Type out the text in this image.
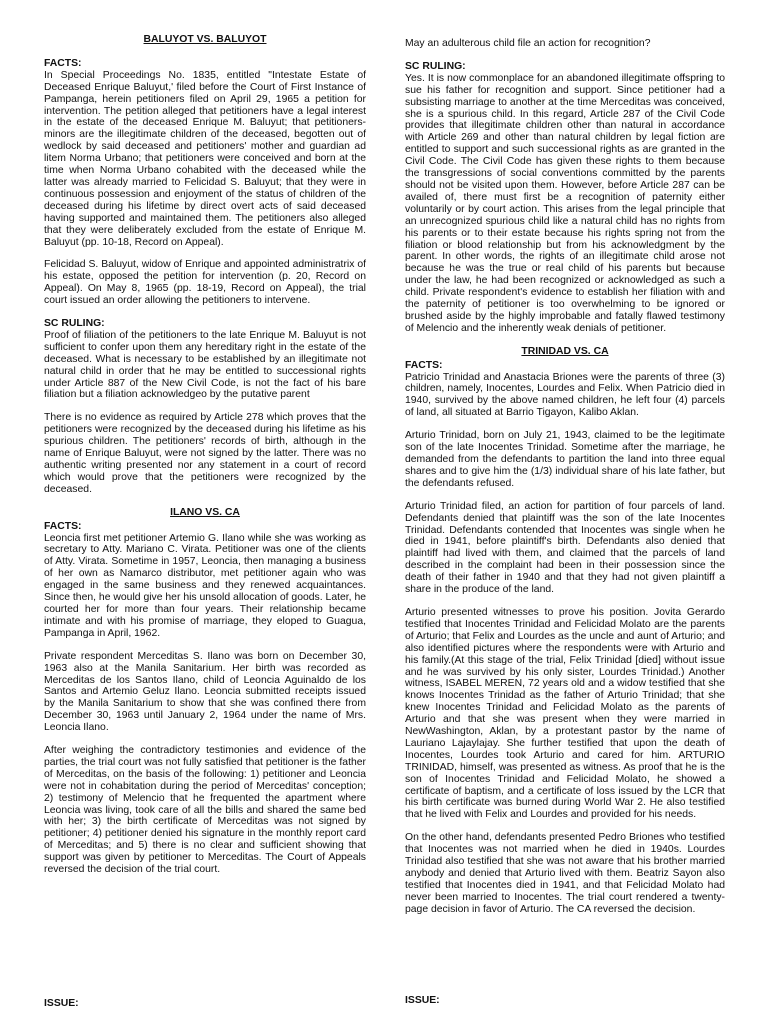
BALUYOT VS. BALUYOT
FACTS:

In Special Proceedings No. 1835, entitled "Intestate Estate of Deceased Enrique Baluyut,' filed before the Court of First Instance of Pampanga, herein petitioners filed on April 29, 1965 a petition for intervention. The petition alleged that petitioners have a legal interest in the estate of the deceased Enrique M. Baluyut; that petitioners-minors are the illegitimate children of the deceased, begotten out of wedlock by said deceased and petitioners' mother and guardian ad litem Norma Urbano; that petitioners were conceived and born at the time when Norma Urbano cohabited with the deceased while the latter was already married to Felicidad S. Baluyut; that they were in continuous possession and enjoyment of the status of children of the deceased during his lifetime by direct overt acts of said deceased having supported and maintained them. The petitioners also alleged that they were deliberately excluded from the estate of Enrique M. Baluyut (pp. 10-18, Record on Appeal).

Felicidad S. Baluyut, widow of Enrique and appointed administratrix of his estate, opposed the petition for intervention (p. 20, Record on Appeal). On May 8, 1965 (pp. 18-19, Record on Appeal), the trial court issued an order allowing the petitioners to intervene.

SC RULING:

Proof of filiation of the petitioners to the late Enrique M. Baluyut is not sufficient to confer upon them any hereditary right in the estate of the deceased. What is necessary to be established by an illegitimate not natural child in order that he may be entitled to successional rights under Article 887 of the New Civil Code, is not the fact of his bare filiation but a filiation acknowledgeo by the putative parent

There is no evidence as required by Article 278 which proves that the petitioners were recognized by the deceased during his lifetime as his spurious children. The petitioners' records of birth, although in the name of Enrique Baluyut, were not signed by the latter. There was no authentic writing presented nor any statement in a court of record which would prove that the petitioners were recognized by the deceased.

ILANO VS. CA
FACTS:

Leoncia first met petitioner Artemio G. Ilano while she was working as secretary to Atty. Mariano C. Virata. Petitioner was one of the clients of Atty. Virata. Sometime in 1957, Leoncia, then managing a business of her own as Namarco distributor, met petitioner again who was engaged in the same business and they renewed acquaintances. Since then, he would give her his unsold allocation of goods. Later, he courted her for more than four years. Their relationship became intimate and with his promise of marriage, they eloped to Guagua, Pampanga in April, 1962.

Private respondent Merceditas S. Ilano was born on December 30, 1963 also at the Manila Sanitarium. Her birth was recorded as Merceditas de los Santos Ilano, child of Leoncia Aguinaldo de los Santos and Artemio Geluz Ilano. Leoncia submitted receipts issued by the Manila Sanitarium to show that she was confined there from December 30, 1963 until January 2, 1964 under the name of Mrs. Leoncia Ilano.

After weighing the contradictory testimonies and evidence of the parties, the trial court was not fully satisfied that petitioner is the father of Merceditas, on the basis of the following: 1) petitioner and Leoncia were not in cohabitation during the period of Merceditas' conception; 2) testimony of Melencio that he frequented the apartment where Leoncia was living, took care of all the bills and shared the same bed with her; 3) the birth certificate of Merceditas was not signed by petitioner; 4) petitioner denied his signature in the monthly report card of Merceditas; and 5) there is no clear and sufficient showing that support was given by petitioner to Merceditas. The Court of Appeals reversed the decision of the trial court.

ISSUE:

May an adulterous child file an action for recognition?

SC RULING:

Yes. It is now commonplace for an abandoned illegitimate offspring to sue his father for recognition and support. Since petitioner had a subsisting marriage to another at the time Merceditas was conceived, she is a spurious child. In this regard, Article 287 of the Civil Code provides that illegitimate children other than natural in accordance with Article 269 and other than natural children by legal fiction are entitled to support and such successional rights as are granted in the Civil Code. The Civil Code has given these rights to them because the transgressions of social conventions committed by the parents should not be visited upon them. However, before Article 287 can be availed of, there must first be a recognition of paternity either voluntarily or by court action. This arises from the legal principle that an unrecognized spurious child like a natural child has no rights from his parents or to their estate because his rights spring not from the filiation or blood relationship but from his acknowledgment by the parent. In other words, the rights of an illegitimate child arose not because he was the true or real child of his parents but because under the law, he had been recognized or acknowledged as such a child. Private respondent's evidence to establish her filiation with and the paternity of petitioner is too overwhelming to be ignored or brushed aside by the highly improbable and fatally flawed testimony of Melencio and the inherently weak denials of petitioner.

TRINIDAD VS. CA
FACTS:

Patricio Trinidad and Anastacia Briones were the parents of three (3) children, namely, Inocentes, Lourdes and Felix. When Patricio died in 1940, survived by the above named children, he left four (4) parcels of land, all situated at Barrio Tigayon, Kalibo Aklan.

Arturio Trinidad, born on July 21, 1943, claimed to be the legitimate son of the late Inocentes Trinidad. Sometime after the marriage, he demanded from the defendants to partition the land into three equal shares and to give him the (1/3) individual share of his late father, but the defendants refused.

Arturio Trinidad filed, an action for partition of four parcels of land. Defendants denied that plaintiff was the son of the late Inocentes Trinidad. Defendants contended that Inocentes was single when he died in 1941, before plaintiff's birth. Defendants also denied that plaintiff had lived with them, and claimed that the parcels of land described in the complaint had been in their possession since the death of their father in 1940 and that they had not given plaintiff a share in the produce of the land.

Arturio presented witnesses to prove his position. Jovita Gerardo testified that Inocentes Trinidad and Felicidad Molato are the parents of Arturio; that Felix and Lourdes as the uncle and aunt of Arturio; and also identified pictures where the respondents were with Arturio and his family.(At this stage of the trial, Felix Trinidad [died] without issue and he was survived by his only sister, Lourdes Trinidad.) Another witness, ISABEL MEREN, 72 years old and a widow testified that she knows Inocentes Trinidad as the father of Arturio Trinidad; that she knew Inocentes Trinidad and Felicidad Molato as the parents of Arturio and that she was present when they were married in NewWashington, Aklan, by a protestant pastor by the name of Lauriano Lajaylajay. She further testified that upon the death of Inocentes, Lourdes took Arturio and cared for him. ARTURIO TRINIDAD, himself, was presented as witness. As proof that he is the son of Inocentes Trinidad and Felicidad Molato, he showed a certificate of baptism, and a certificate of loss issued by the LCR that his birth certificate was burned during World War 2. He also testified that he lived with Felix and Lourdes and provided for his needs.

On the other hand, defendants presented Pedro Briones who testified that Inocentes was not married when he died in 1940s. Lourdes Trinidad also testified that she was not aware that his brother married anybody and denied that Arturio lived with them. Beatriz Sayon also testified that Inocentes died in 1941, and that Felicidad Molato had never been married to Inocentes. The trial court rendered a twenty-page decision in favor of Arturio. The CA reversed the decision.

ISSUE:
